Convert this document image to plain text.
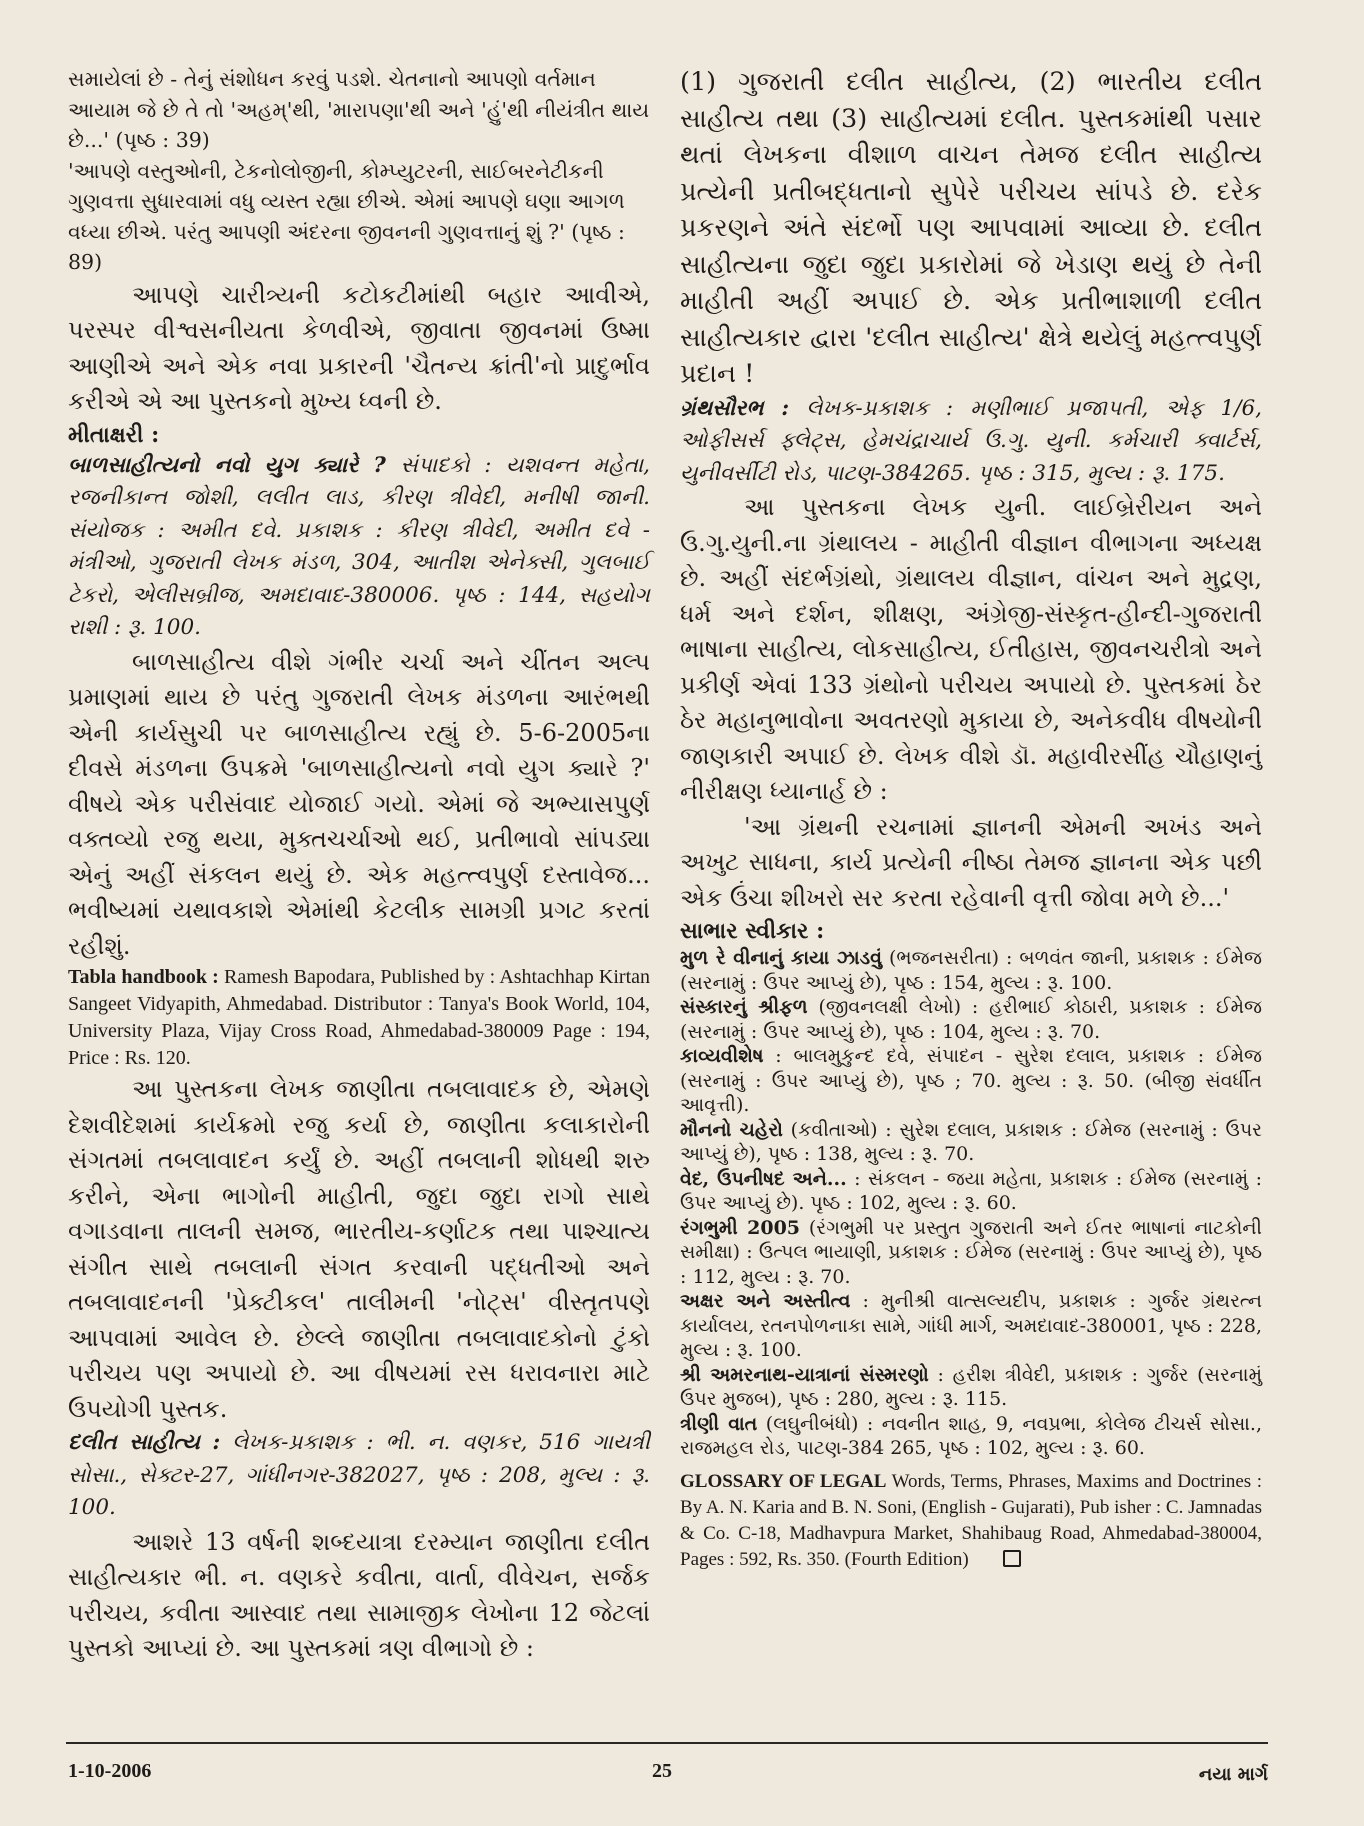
સમાયેલાં છે - તેનું સંશોધન કરવું પડશે. ચેતનાનો આપણો વર્તમાન આયામ જે છે તે તો 'અહમ્'થી, 'મારાપણા'થી અને 'હું'થી નીયંત્રીત થાય છે...' (પૃષ્ઠ : 39)

'આપણે વસ્તુઓની, ટેકનોલોજીની, કોમ્પ્યુટરની, સાઈબરનેટીકની ગુણવત્તા સુધારવામાં વધુ વ્યસ્ત રહ્યા છીએ. એમાં આપણે ઘણા આગળ વધ્યા છીએ. પરંતુ આપણી અંદરના જીવનની ગુણવત્તાનું શું ?' (પૃષ્ઠ : 89)

આપણે ચારીત્ર્યની કટોકટીમાંથી બહાર આવીએ, પરસ્પર વીશ્વસનીયતા કેળવીએ, જીવાતા જીવનમાં ઉષ્મા આણીએ અને એક નવા પ્રકારની 'ચૈતન્ય ક્રાંતી'નો પ્રાદુર્ભાવ કરીએ એ આ પુસ્તકનો મુખ્ય ધ્વની છે.

મીતાક્ષરી :

બાળસાહીત્યનો નવો યુગ ક્યારે ? સંપાદકો : યશવન્ત મહેતા, રજનીકાન્ત જોશી, લલીત લાડ, કીરણ ત્રીવેદી, મનીષી જાની. સંયોજક : અમીત દવે. પ્રકાશક : કીરણ ત્રીવેદી, અમીત દવે - મંત્રીઓ, ગુજરાતી લેખક મંડળ, 304, આતીશ એનેક્સી, ગુલબાઈ ટેકરો, એલીસબ્રીજ, અમદાવાદ-380006. પૃષ્ઠ : 144, સહયોગ રાશી : રૂ. 100.

બાળસાહીત્ય વીશે ગંભીર ચર્ચા અને ચીંતન અલ્પ પ્રમાણમાં થાય છે પરંતુ ગુજરાતી લેખક મંડળના આરંભથી એની કાર્યસુચી પર બાળસાહીત્ય રહ્યું છે. 5-6-2005ના દીવસે મંડળના ઉપક્રમે 'બાળસાહીત્યનો નવો યુગ ક્યારે ?' વીષયે એક પરીસંવાદ યોજાઈ ગયો. એમાં જે અભ્યાસપુર્ણ વક્તવ્યો રજુ થયા, મુક્તચર્ચાઓ થઈ, પ્રતીભાવો સાંપડ્યા એનું અહીં સંકલન થયું છે. એક મહત્ત્વપુર્ણ દસ્તાવેજ... ભવીષ્યમાં યથાવકાશે એમાંથી કેટલીક સામગ્રી પ્રગટ કરતાં રહીશું.

Tabla handbook : Ramesh Bapodara, Published by : Ashtachhap Kirtan Sangeet Vidyapith, Ahmedabad. Distributor : Tanya's Book World, 104, University Plaza, Vijay Cross Road, Ahmedabad-380009 Page : 194, Price : Rs. 120.

આ પુસ્તકના લેખક જાણીતા તબલાવાદક છે, એમણે દેશવીદેશમાં કાર્યક્રમો રજુ કર્યા છે, જાણીતા કલાકારોની સંગતમાં તબલાવાદન કર્યું છે. અહીં તબલાની શોધથી શરુ કરીને, એના ભાગોની માહીતી, જુદા જુદા રાગો સાથે વગાડવાના તાલની સમજ, ભારતીય-કર્ણાટક તથા પાશ્ચાત્ય સંગીત સાથે તબલાની સંગત કરવાની પદ્ધતીઓ અને તબલાવાદનની 'પ્રેક્ટીકલ' તાલીમની 'નોટ્સ' વીસ્તૃતપણે આપવામાં આવેલ છે. છેલ્લે જાણીતા તબલાવાદકોનો ટુંકો પરીચય પણ અપાયો છે. આ વીષયમાં રસ ધરાવનારા માટે ઉપયોગી પુસ્તક.

દલીત સાહીત્ય : લેખક-પ્રકાશક : ભી. ન. વણકર, 516 ગાયત્રી સોસા., સેક્ટર-27, ગાંધીનગર-382027, પૃષ્ઠ : 208, મુલ્ય : રૂ. 100.

આશરે 13 વર્ષની શબ્દયાત્રા દરમ્યાન જાણીતા દલીત સાહીત્યકાર ભી. ન. વણકરે કવીતા, વાર્તા, વીવેચન, સર્જક પરીચય, કવીતા આસ્વાદ તથા સામાજીક લેખોના 12 જેટલાં પુસ્તકો આપ્યાં છે. આ પુસ્તકમાં ત્રણ વીભાગો છે :

(1) ગુજરાતી દલીત સાહીત્ય, (2) ભારતીય દલીત સાહીત્ય તથા (3) સાહીત્યમાં દલીત. પુસ્તકમાંથી પસાર થતાં લેખકના વીશાળ વાચન તેમજ દલીત સાહીત્ય પ્રત્યેની પ્રતીબદ્ધતાનો સુપેરે પરીચય સાંપડે છે. દરેક પ્રકરણને અંતે સંદર્ભો પણ આપવામાં આવ્યા છે. દલીત સાહીત્યના જુદા જુદા પ્રકારોમાં જે ખેડાણ થયું છે તેની માહીતી અહીં અપાઈ છે. એક પ્રતીભાશાળી દલીત સાહીત્યકાર દ્વારા 'દલીત સાહીત્ય' ક્ષેત્રે થયેલું મહત્ત્વપુર્ણ પ્રદાન !

ગ્રંથસૌરભ : લેખક-પ્રકાશક : મણીભાઈ પ્રજાપતી, એફ 1/6, ઓફીસર્સ ફ્લેટ્સ, હેમચંદ્રાચાર્ય ઉ.ગુ. યુની. કર્મચારી ક્વાર્ટર્સ, યુનીવર્સીટી રોડ, પાટણ-384265. પૃષ્ઠ : 315, મુલ્ય : રૂ. 175.

આ પુસ્તકના લેખક યુની. લાઈબ્રેરીયન અને ઉ.ગુ.યુની.ના ગ્રંથાલય - માહીતી વીજ્ઞાન વીભાગના અધ્યક્ષ છે. અહીં સંદર્ભગ્રંથો, ગ્રંથાલય વીજ્ઞાન, વાંચન અને મુદ્રણ, ધર્મ અને દર્શન, શીક્ષણ, અંગ્રેજી-સંસ્કૃત-હીન્દી-ગુજરાતી ભાષાના સાહીત્ય, લોકસાહીત્ય, ઈતીહાસ, જીવનચરીત્રો અને પ્રકીર્ણ એવાં 133 ગ્રંથોનો પરીચય અપાયો છે. પુસ્તકમાં ઠેર ઠેર મહાનુભાવોના અવતરણો મુકાયા છે, અનેકવીધ વીષયોની જાણકારી અપાઈ છે. લેખક વીશે ડૉ. મહાવીરસીંહ ચૌહાણનું નીરીક્ષણ ધ્યાનાર્હ છે :

'આ ગ્રંથની રચનામાં જ્ઞાનની એમની અખંડ અને અખુટ સાધના, કાર્ય પ્રત્યેની નીષ્ઠા તેમજ જ્ઞાનના એક પછી એક ઉંચા શીખરો સર કરતા રહેવાની વૃત્તી જોવા મળે છે...'

સાભાર સ્વીકાર :

મુળ રે વીનાનું કાયા ઝાડવું (ભજનસરીતા) : બળવંત જાની, પ્રકાશક : ઈમેજ (સરનામું : ઉપર આપ્યું છે), પૃષ્ઠ : 154, મુલ્ય : રૂ. 100.

સંસ્કારનું શ્રીફળ (જીવનલક્ષી લેખો) : હરીભાઈ કોઠારી, પ્રકાશક : ઈમેજ (સરનામું : ઉપર આપ્યું છે), પૃષ્ઠ : 104, મુલ્ય : રૂ. 70.

કાવ્યવીશેષ : બાલમુકુન્દ દવે, સંપાદન - સુરેશ દલાલ, પ્રકાશક : ઈમેજ (સરનામું : ઉપર આપ્યું છે), પૃષ્ઠ ; 70. મુલ્ય : રૂ. 50. (બીજી સંવર્ધીત આવૃત્તી).

મૌનનો ચહેરો (કવીતાઓ) : સુરેશ દલાલ, પ્રકાશક : ઈમેજ (સરનામું : ઉપર આપ્યું છે), પૃષ્ઠ : 138, મુલ્ય : રૂ. 70.

વેદ, ઉપનીષદ અને... : સંકલન - જયા મહેતા, પ્રકાશક : ઈમેજ (સરનામું : ઉપર આપ્યું છે). પૃષ્ઠ : 102, મુલ્ય : રૂ. 60.

રંગભુમી 2005 (રંગભુમી પર પ્રસ્તુત ગુજરાતી અને ઈતર ભાષાનાં નાટકોની સમીક્ષા) : ઉત્પલ ભાયાણી, પ્રકાશક : ઈમેજ (સરનામું : ઉપર આપ્યું છે), પૃષ્ઠ : 112, મુલ્ય : રૂ. 70.

અક્ષર અને અસ્તીત્વ : મુનીશ્રી વાત્સલ્યદીપ, પ્રકાશક : ગુર્જર ગ્રંથરત્ન કાર્યાલય, રતનપોળનાકા સામે, ગાંધી માર્ગ, અમદાવાદ-380001, પૃષ્ઠ : 228, મુલ્ય : રૂ. 100.

શ્રી અમરનાથ-યાત્રાનાં સંસ્મરણો : હરીશ ત્રીવેદી, પ્રકાશક : ગુર્જર (સરનામું ઉપર મુજબ), પૃષ્ઠ : 280, મુલ્ય : રૂ. 115.

ત્રીણી વાત (લઘુનીબંધો) : નવનીત શાહ, 9, નવપ્રભા, કોલેજ ટીચર્સ સોસા., રાજમહલ રોડ, પાટણ-384 265, પૃષ્ઠ : 102, મુલ્ય : રૂ. 60.

GLOSSARY OF LEGAL Words, Terms, Phrases, Maxims and Doctrines : By A. N. Karia and B. N. Soni, (English - Gujarati), Pub isher : C. Jamnadas & Co. C-18, Madhavpura Market, Shahibaug Road, Ahmedabad-380004, Pages : 592, Rs. 350. (Fourth Edition)

1-10-2006	25	નયા માર્ગ
